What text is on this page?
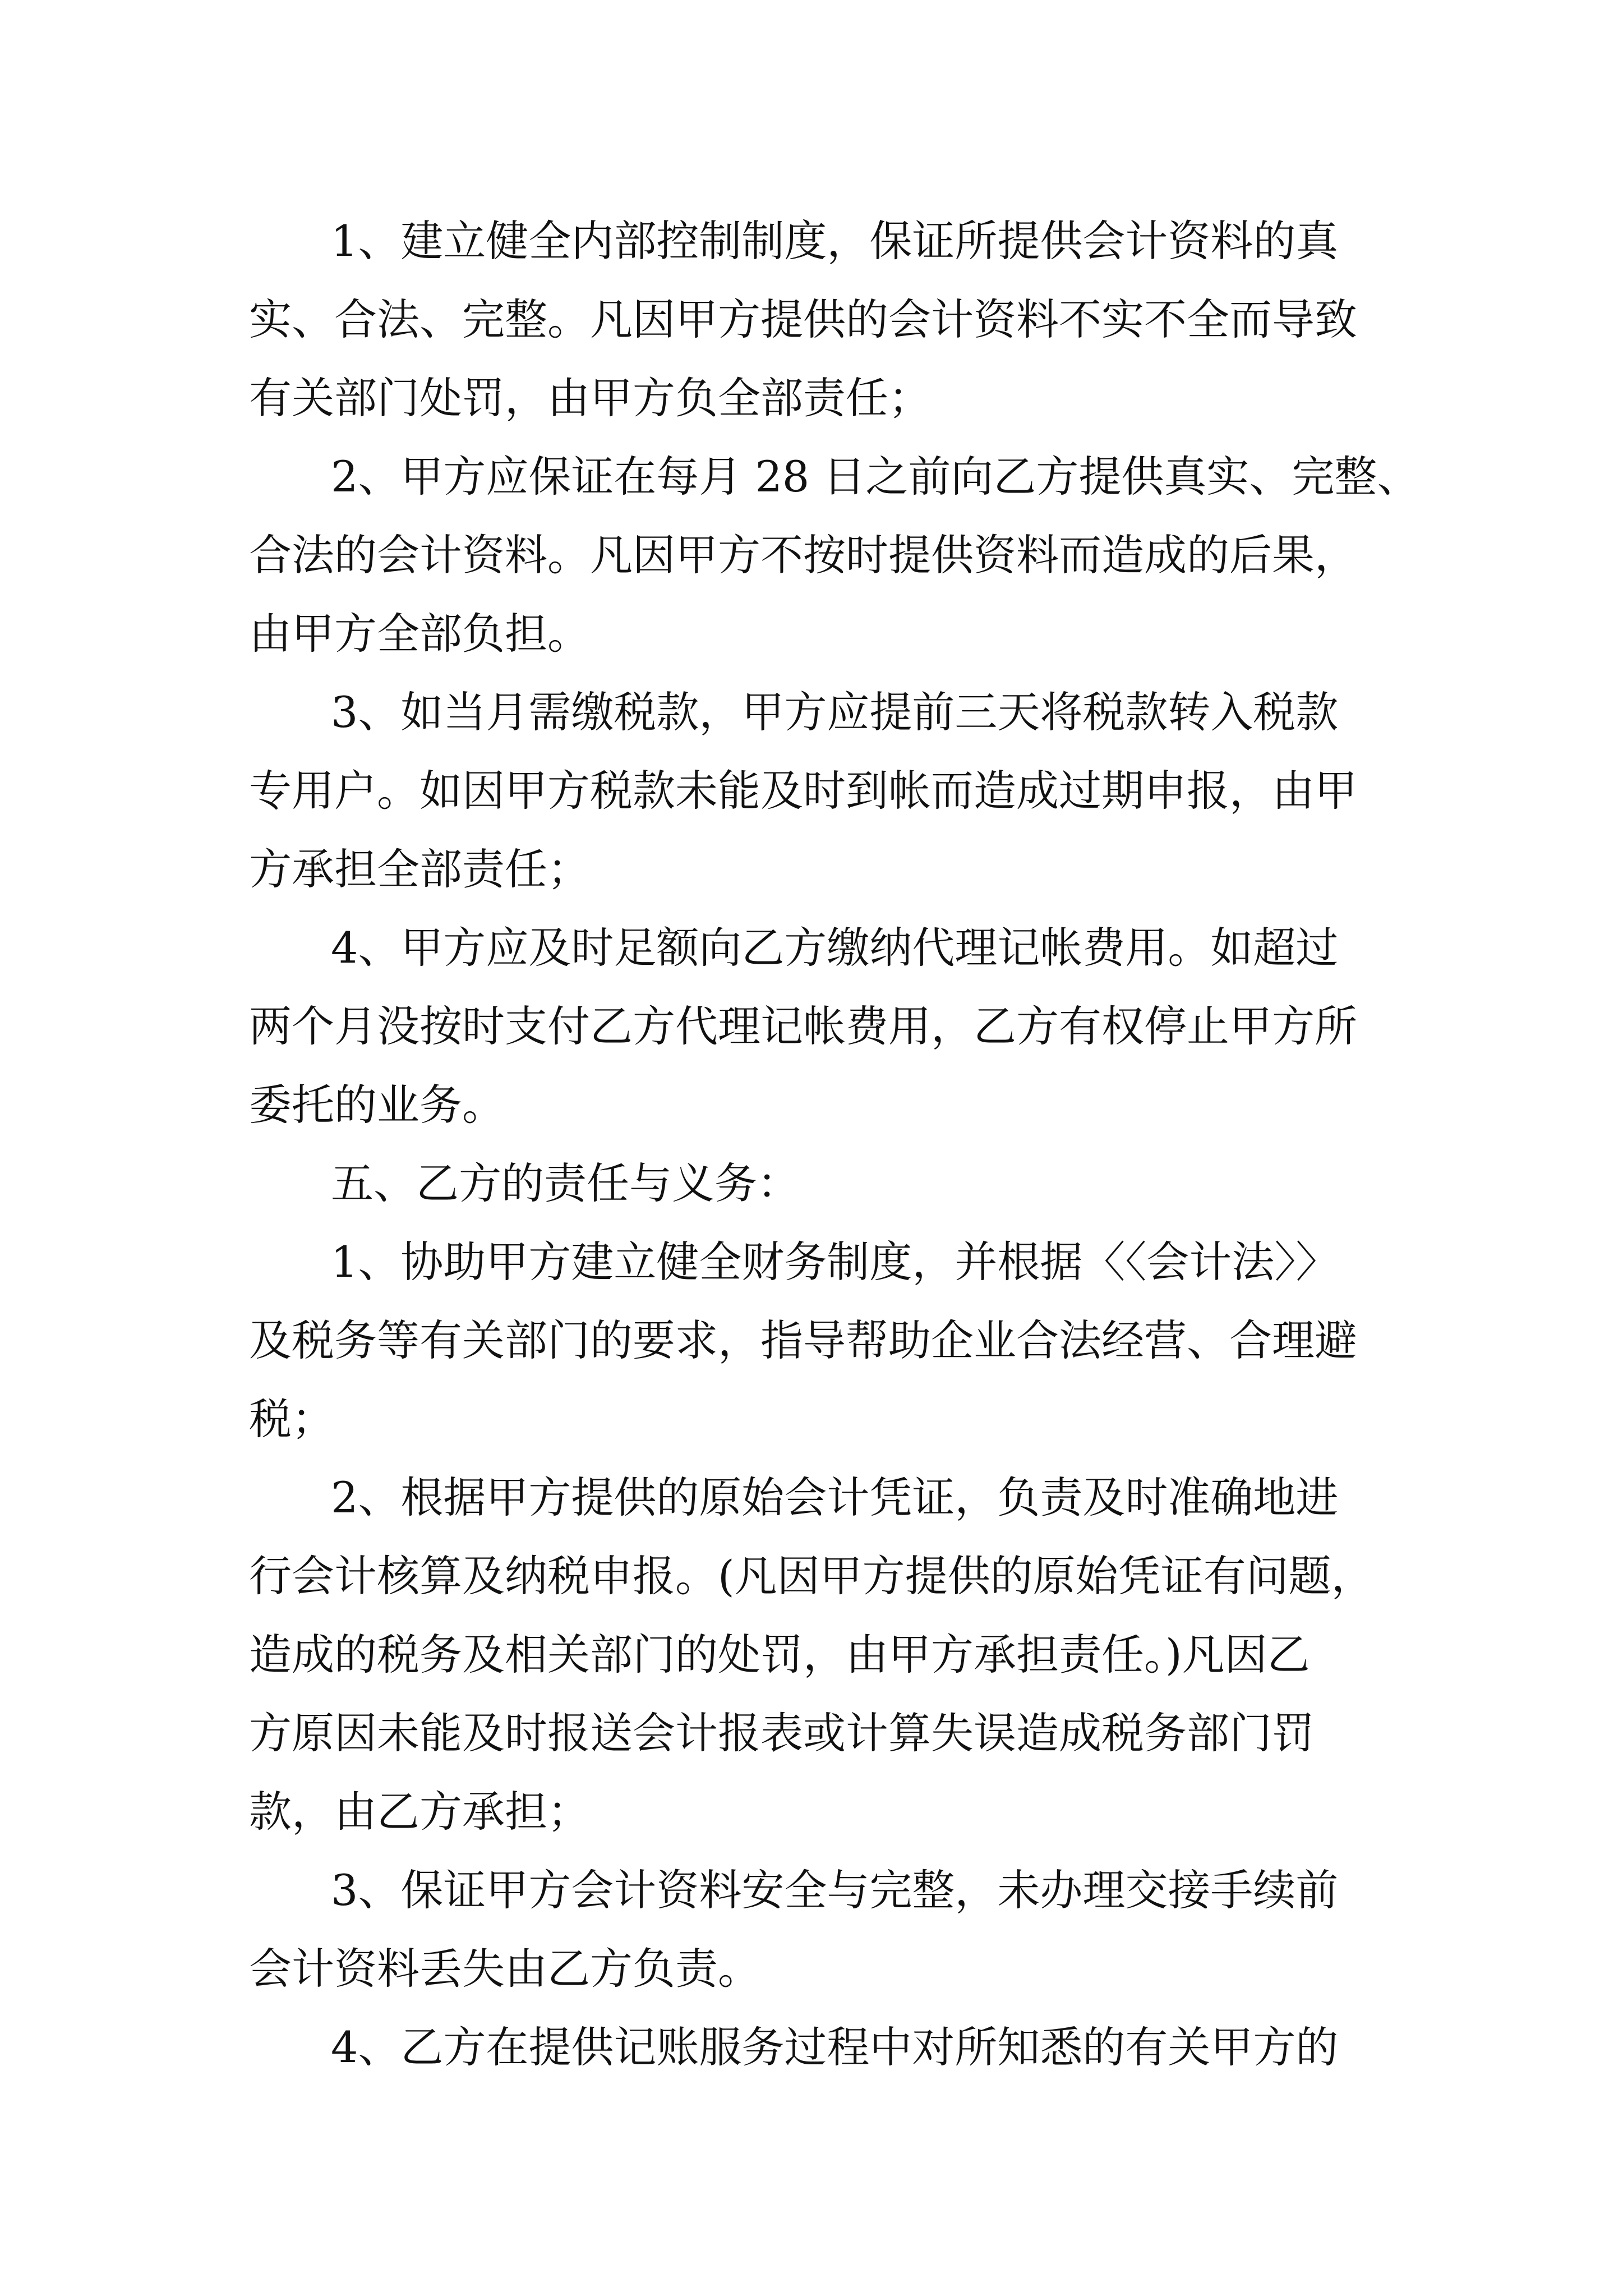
1、建立健全内部控制制度，保证所提供会计资料的真
实、合法、完整。凡因甲方提供的会计资料不实不全而导致
有关部门处罚，由甲方负全部责任；
2、甲方应保证在每月 28 日之前向乙方提供真实、完整、
合法的会计资料。凡因甲方不按时提供资料而造成的后果，
由甲方全部负担。
3、如当月需缴税款，甲方应提前三天将税款转入税款
专用户。如因甲方税款未能及时到帐而造成过期申报，由甲
方承担全部责任；
4、甲方应及时足额向乙方缴纳代理记帐费用。如超过
两个月没按时支付乙方代理记帐费用，乙方有权停止甲方所
委托的业务。
五、乙方的责任与义务：
1、协助甲方建立健全财务制度，并根据〈〈会计法〉〉
及税务等有关部门的要求，指导帮助企业合法经营、合理避
税；
2、根据甲方提供的原始会计凭证，负责及时准确地进
行会计核算及纳税申报。(凡因甲方提供的原始凭证有问题，
造成的税务及相关部门的处罚，由甲方承担责任。)凡因乙
方原因未能及时报送会计报表或计算失误造成税务部门罚
款，由乙方承担；
3、保证甲方会计资料安全与完整，未办理交接手续前
会计资料丢失由乙方负责。
4、乙方在提供记账服务过程中对所知悉的有关甲方的
